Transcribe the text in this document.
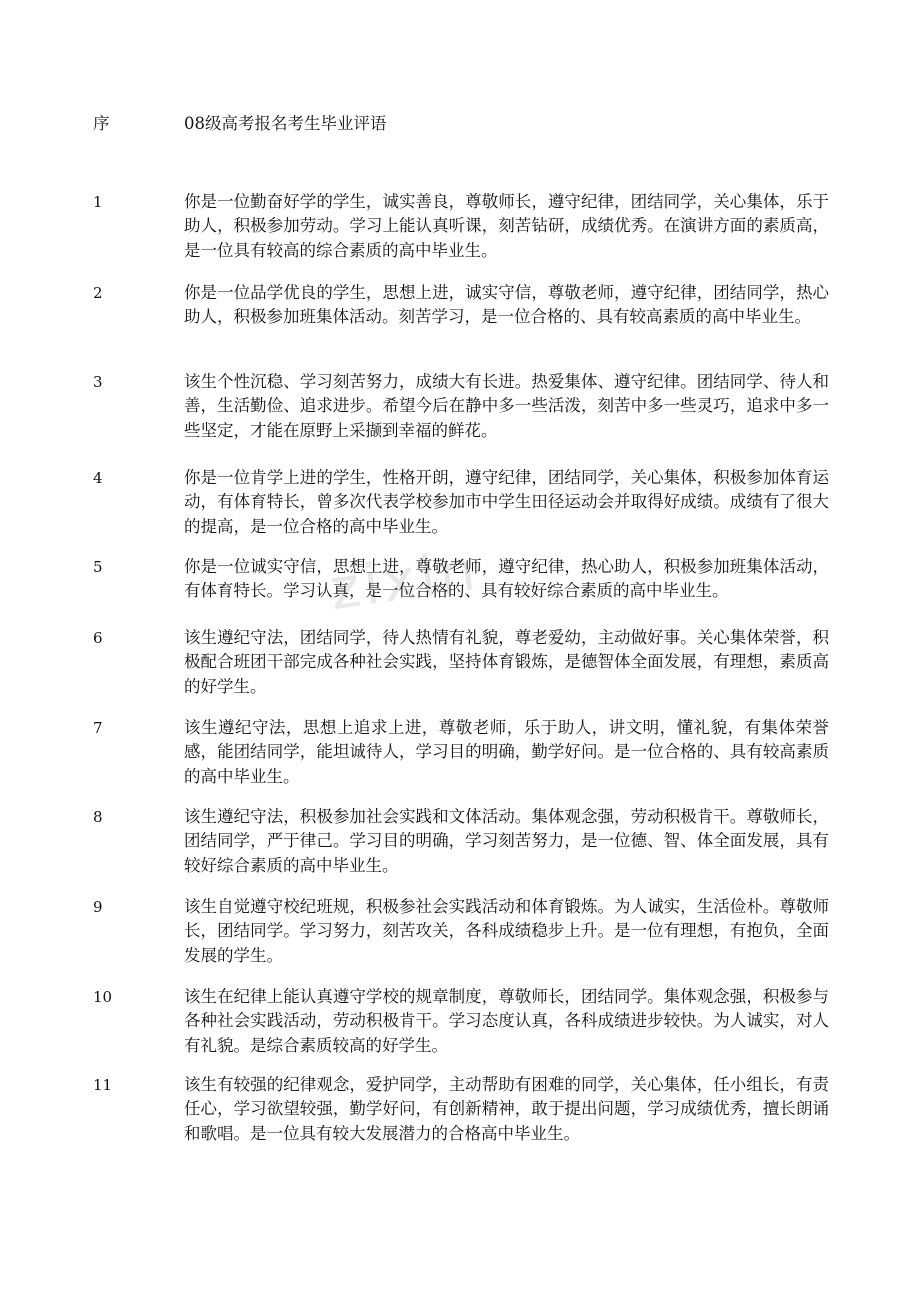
zixin
序	08级高考报名考生毕业评语
1	你是一位勤奋好学的学生，诚实善良，尊敬师长，遵守纪律，团结同学，关心集体，乐于助人，积极参加劳动。学习上能认真听课，刻苦钻研，成绩优秀。在演讲方面的素质高，是一位具有较高的综合素质的高中毕业生。
2	你是一位品学优良的学生，思想上进，诚实守信，尊敬老师，遵守纪律，团结同学，热心助人，积极参加班集体活动。刻苦学习，是一位合格的、具有较高素质的高中毕业生。
3	该生个性沉稳、学习刻苦努力，成绩大有长进。热爱集体、遵守纪律。团结同学、待人和善，生活勤俭、追求进步。希望今后在静中多一些活泼，刻苦中多一些灵巧，追求中多一些坚定，才能在原野上采撷到幸福的鲜花。
4	你是一位肯学上进的学生，性格开朗，遵守纪律，团结同学，关心集体，积极参加体育运动，有体育特长，曾多次代表学校参加市中学生田径运动会并取得好成绩。成绩有了很大的提高，是一位合格的高中毕业生。
5	你是一位诚实守信，思想上进，尊敬老师，遵守纪律，热心助人，积极参加班集体活动，有体育特长。学习认真，是一位合格的、具有较好综合素质的高中毕业生。
6	该生遵纪守法，团结同学，待人热情有礼貌，尊老爱幼，主动做好事。关心集体荣誉，积极配合班团干部完成各种社会实践，坚持体育锻炼，是德智体全面发展，有理想，素质高的好学生。
7	该生遵纪守法，思想上追求上进，尊敬老师，乐于助人，讲文明，懂礼貌，有集体荣誉感，能团结同学，能坦诚待人，学习目的明确，勤学好问。是一位合格的、具有较高素质的高中毕业生。
8	该生遵纪守法，积极参加社会实践和文体活动。集体观念强，劳动积极肯干。尊敬师长，团结同学，严于律己。学习目的明确，学习刻苦努力，是一位德、智、体全面发展，具有较好综合素质的高中毕业生。
9	该生自觉遵守校纪班规，积极参社会实践活动和体育锻炼。为人诚实，生活俭朴。尊敬师长，团结同学。学习努力，刻苦攻关，各科成绩稳步上升。是一位有理想，有抱负，全面发展的学生。
10	该生在纪律上能认真遵守学校的规章制度，尊敬师长，团结同学。集体观念强，积极参与各种社会实践活动，劳动积极肯干。学习态度认真，各科成绩进步较快。为人诚实，对人有礼貌。是综合素质较高的好学生。
11	该生有较强的纪律观念，爱护同学，主动帮助有困难的同学，关心集体，任小组长，有责任心，学习欲望较强，勤学好问，有创新精神，敢于提出问题，学习成绩优秀，擅长朗诵和歌唱。是一位具有较大发展潜力的合格高中毕业生。
